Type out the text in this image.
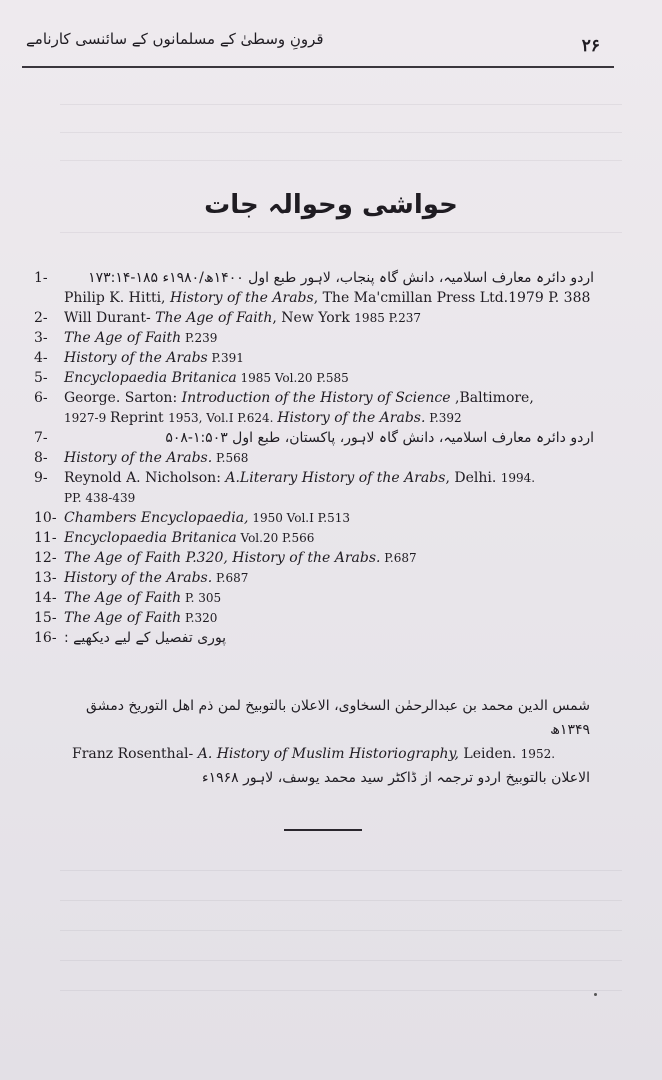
قرونِ وسطیٰ کے مسلمانوں کے سائنسی کارنامے	۲۶
حواشی وحوالہ جات
1-	اردو دائرہ معارف اسلامیہ، دانش گاہ پنجاب، لاہور طبع اول ۱۴۰۰ھ/۱۹۸۰ء ۱۸۵-۱۷۳:۱۴
Philip K. Hitti, History of the Arabs, The Ma'cmillan Press Ltd.1979 P. 388
2-	Will Durant- The Age of Faith, New York 1985 P.237
3-	The Age of Faith P.239
4-	History of the Arabs P.391
5-	Encyclopaedia Britanica 1985 Vol.20 P.585
6-	George. Sarton: Introduction of the History of Science ,Baltimore,
1927-9 Reprint 1953, Vol.I P.624. History of the Arabs. P.392
7-	اردو دائرہ معارف اسلامیہ، دانش گاہ لاہور، پاکستان، طبع اول ۱:۵۰۳-۵۰۸
8-	History of the Arabs. P.568
9-	Reynold A. Nicholson: A.Literary History of the Arabs, Delhi. 1994.
PP. 438-439
10- Chambers Encyclopaedia, 1950 Vol.I P.513
11- Encyclopaedia Britanica Vol.20 P.566
12- The Age of Faith P.320, History of the Arabs. P.687
13- History of the Arabs. P.687
14- The Age of Faith P. 305
15- The Age of Faith P.320
16- پوری تفصیل کے لیے دیکھیے :
شمس الدین محمد بن عبدالرحمٰن السخاوی، الاعلان بالتوبیخ لمن ذم اھل التوریخ دمشق ۱۳۴۹ھ
Franz Rosenthal- A. History of Muslim Historiography, Leiden. 1952.
الاعلان بالتوبیخ اردو ترجمہ از ڈاکٹر سید محمد یوسف، لاہور ۱۹۶۸ء
